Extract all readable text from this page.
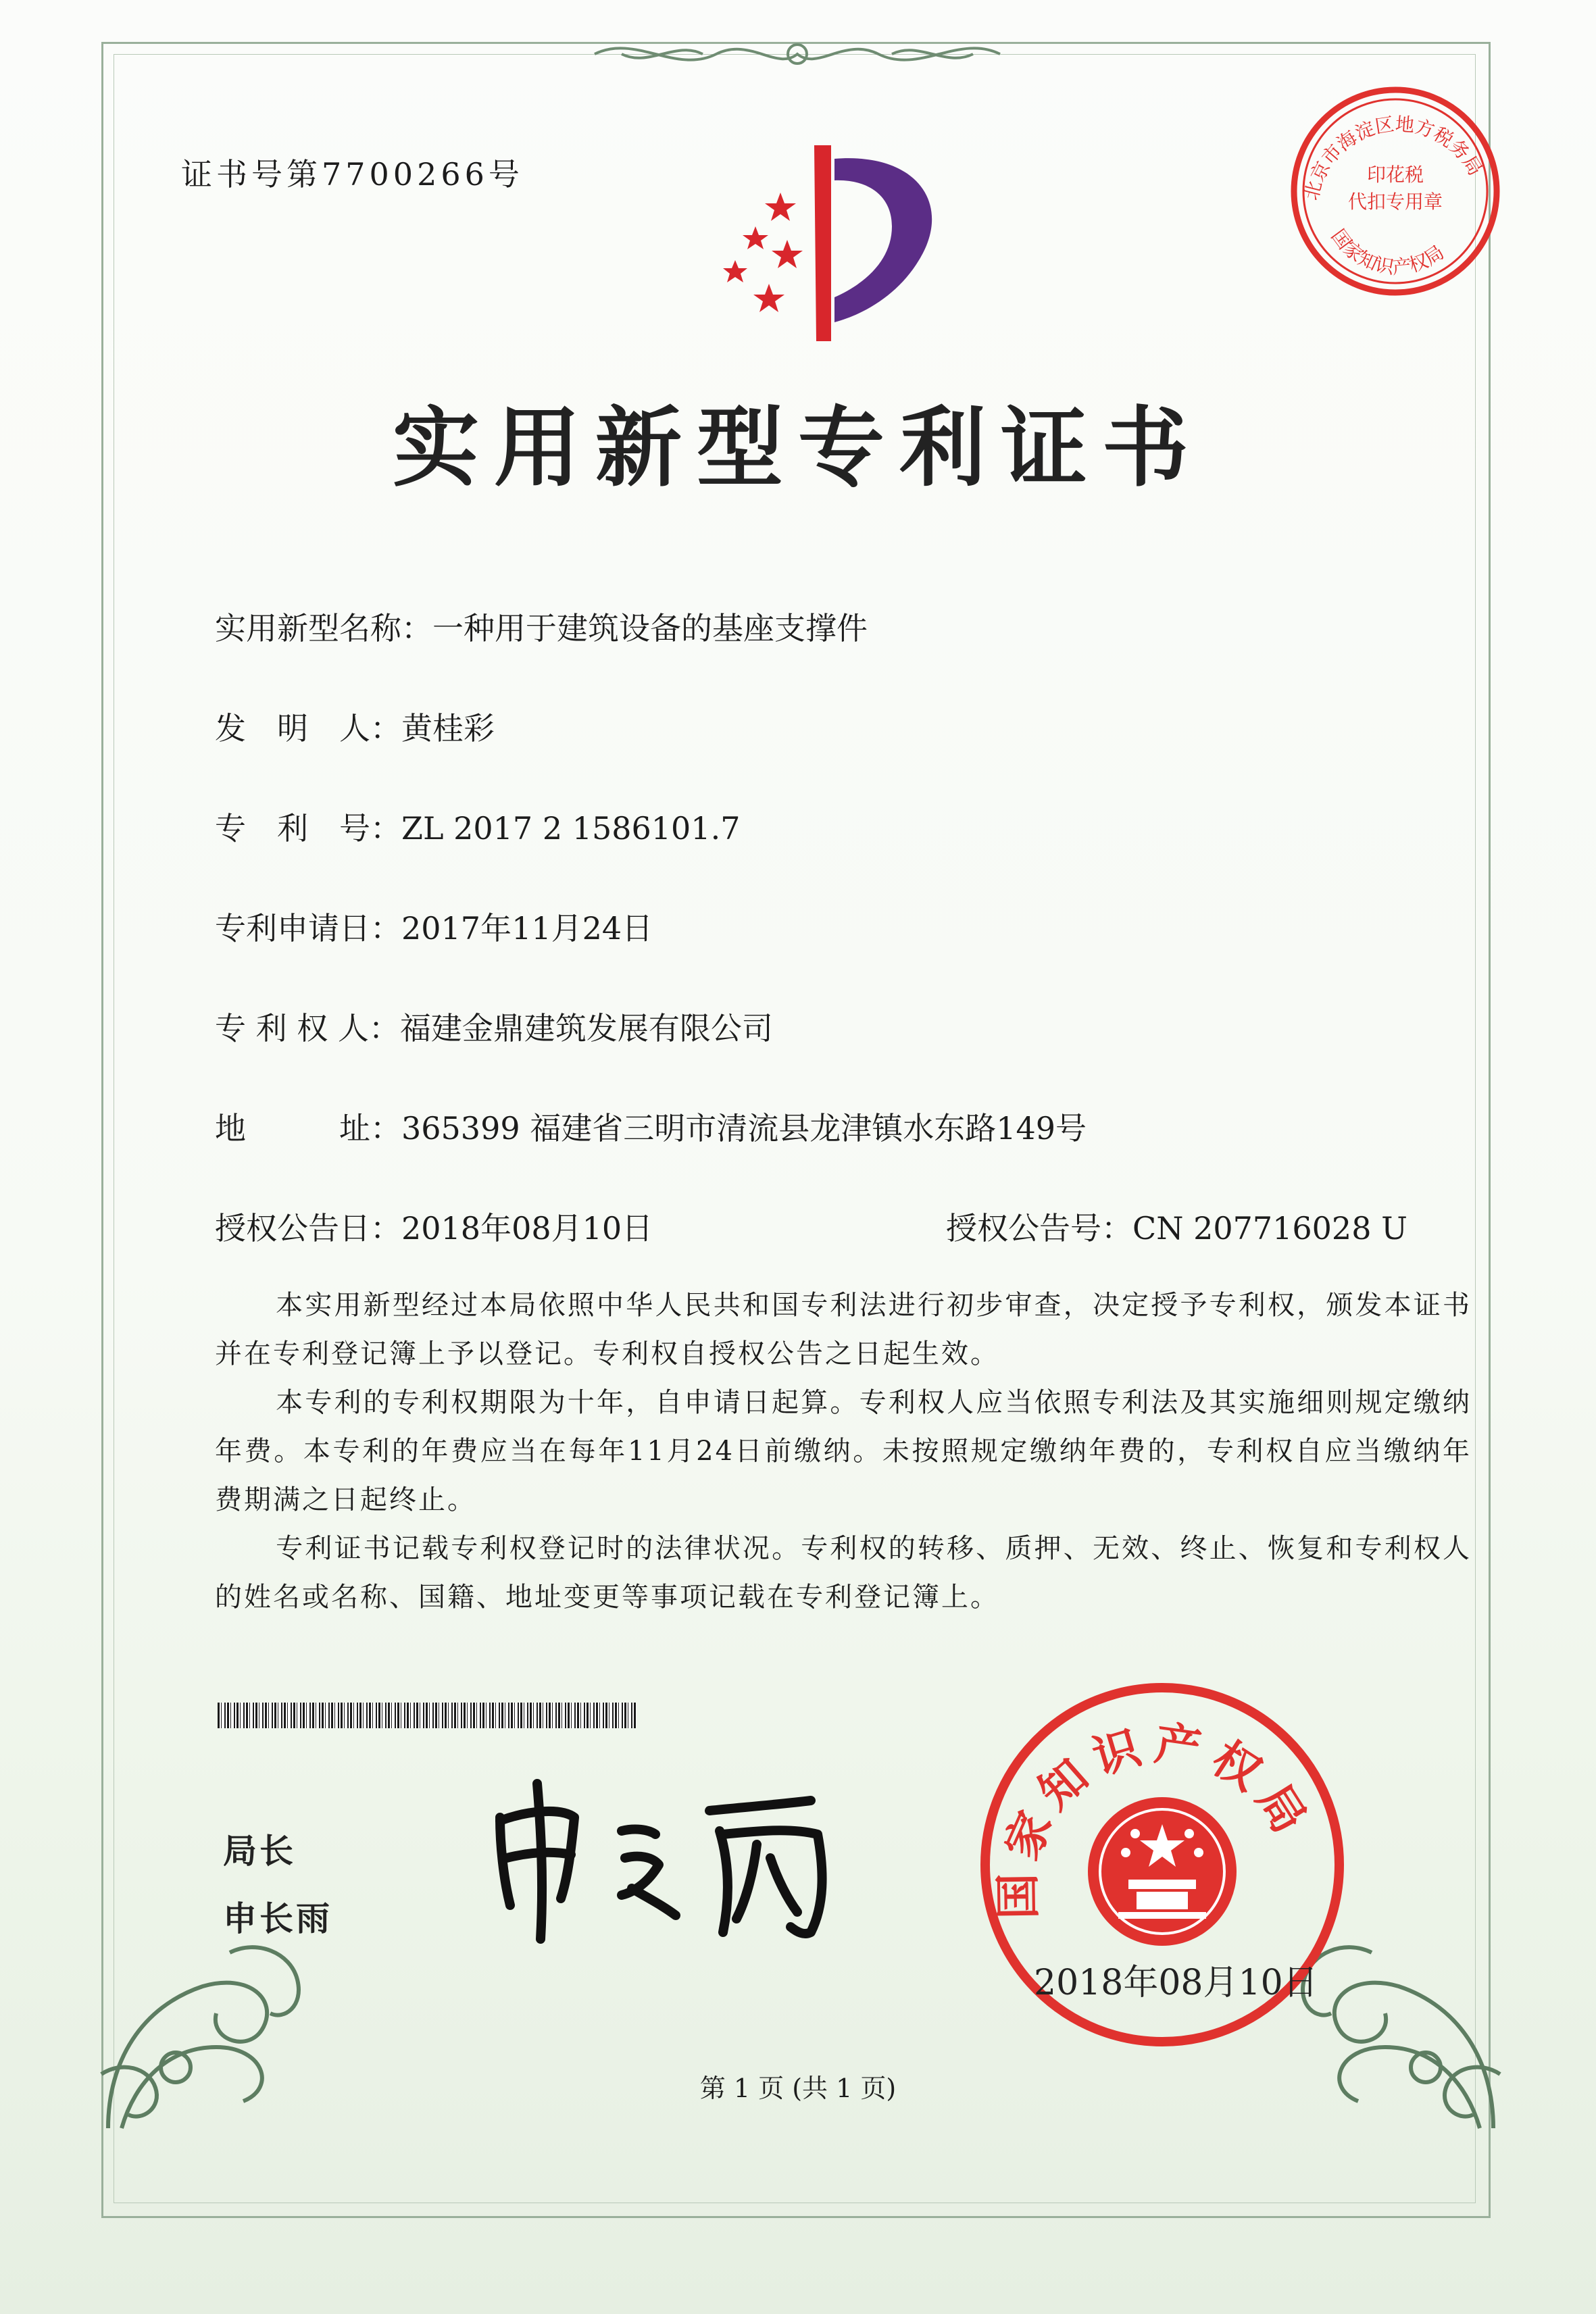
证书号第7700266号	北京市海淀区地方税务局
印花税
代扣专用章
国家知识产权局
实用新型专利证书
实用新型名称：一种用于建筑设备的基座支撑件
发　明　人：黄桂彩
专　利　号：ZL 2017 2 1586101.7
专利申请日：2017年11月24日
专 利 权 人：福建金鼎建筑发展有限公司
地　　　址：365399 福建省三明市清流县龙津镇水东路149号
授权公告日：2018年08月10日	授权公告号：CN 207716028 U
本实用新型经过本局依照中华人民共和国专利法进行初步审查，决定授予专利权，颁发本证书并在专利登记簿上予以登记。专利权自授权公告之日起生效。
本专利的专利权期限为十年，自申请日起算。专利权人应当依照专利法及其实施细则规定缴纳年费。本专利的年费应当在每年11月24日前缴纳。未按照规定缴纳年费的，专利权自应当缴纳年费期满之日起终止。
专利证书记载专利权登记时的法律状况。专利权的转移、质押、无效、终止、恢复和专利权人的姓名或名称、国籍、地址变更等事项记载在专利登记簿上。
局长
申长雨	国家知识产权局
2018年08月10日
第 1 页 (共 1 页)
